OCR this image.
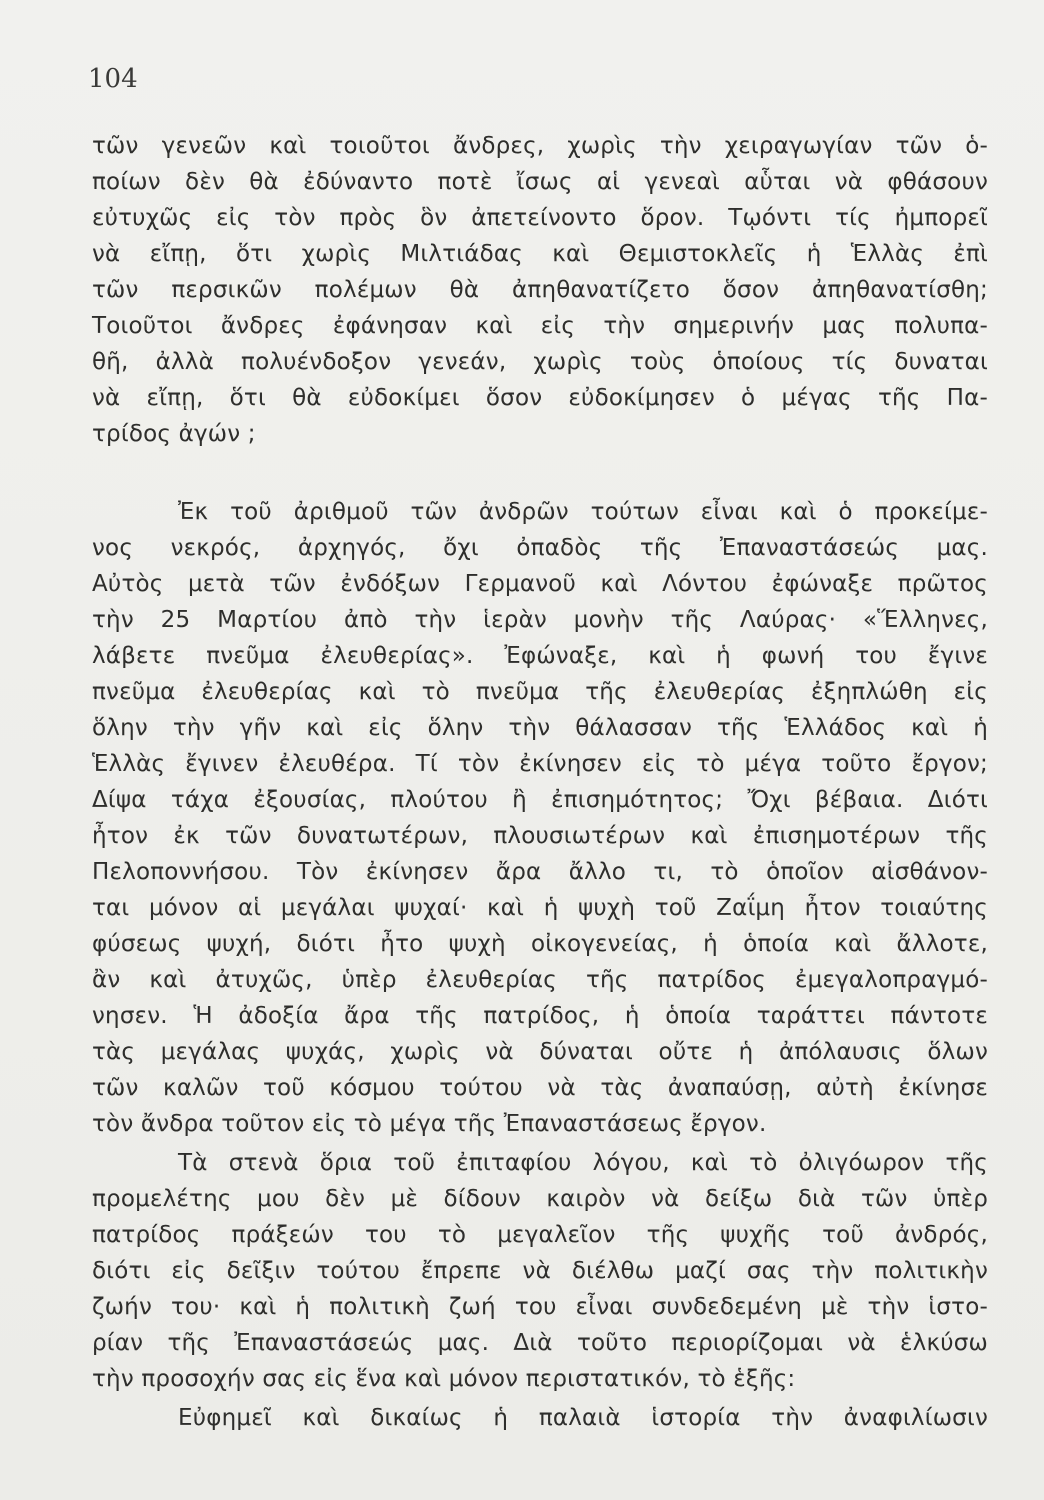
104
τῶν γενεῶν καὶ τοιοῦτοι ἄνδρες, χωρὶς τὴν χειραγωγίαν τῶν ὁ-
ποίων δὲν θὰ ἐδύναντο ποτὲ ἴσως αἱ γενεαὶ αὗται νὰ φθάσουν
εὐτυχῶς εἰς τὸν πρὸς ὃν ἀπετείνοντο ὅρον. Τῳόντι τίς ἠμπορεῖ
νὰ εἴπῃ, ὅτι χωρὶς Μιλτιάδας καὶ Θεμιστοκλεῖς ἡ Ἑλλὰς ἐπὶ
τῶν περσικῶν πολέμων θὰ ἀπηθανατίζετο ὅσον ἀπηθανατίσθη;
Τοιοῦτοι ἄνδρες ἐφάνησαν καὶ εἰς τὴν σημερινήν μας πολυπα-
θῆ, ἀλλὰ πολυένδοξον γενεάν, χωρὶς τοὺς ὁποίους τίς δυναται
νὰ εἴπῃ, ὅτι θὰ εὐδοκίμει ὅσον εὐδοκίμησεν ὁ μέγας τῆς Πα-
τρίδος ἀγών ;
Ἐκ τοῦ ἀριθμοῦ τῶν ἀνδρῶν τούτων εἶναι καὶ ὁ προκείμε-
νος νεκρός, ἀρχηγός, ὄχι ὀπαδὸς τῆς Ἐπαναστάσεώς μας.
Αὐτὸς μετὰ τῶν ἐνδόξων Γερμανοῦ καὶ Λόντου ἐφώναξε πρῶτος
τὴν 25 Μαρτίου ἀπὸ τὴν ἱερὰν μονὴν τῆς Λαύρας· «Ἕλληνες,
λάβετε πνεῦμα ἐλευθερίας». Ἐφώναξε, καὶ ἡ φωνή του ἔγινε
πνεῦμα ἐλευθερίας καὶ τὸ πνεῦμα τῆς ἐλευθερίας ἐξηπλώθη εἰς
ὅλην τὴν γῆν καὶ εἰς ὅλην τὴν θάλασσαν τῆς Ἑλλάδος καὶ ἡ
Ἑλλὰς ἔγινεν ἐλευθέρα. Τί τὸν ἐκίνησεν εἰς τὸ μέγα τοῦτο ἔργον;
Δίψα τάχα ἐξουσίας, πλούτου ἢ ἐπισημότητος; Ὄχι βέβαια. Διότι
ἦτον ἐκ τῶν δυνατωτέρων, πλουσιωτέρων καὶ ἐπισημοτέρων τῆς
Πελοποννήσου. Τὸν ἐκίνησεν ἄρα ἄλλο τι, τὸ ὁποῖον αἰσθάνον-
ται μόνον αἱ μεγάλαι ψυχαί· καὶ ἡ ψυχὴ τοῦ Ζαΐμη ἦτον τοιαύτης
φύσεως ψυχή, διότι ἦτο ψυχὴ οἰκογενείας, ἡ ὁποία καὶ ἄλλοτε,
ἂν καὶ ἀτυχῶς, ὑπὲρ ἐλευθερίας τῆς πατρίδος ἐμεγαλοπραγμό-
νησεν. Ἡ ἀδοξία ἄρα τῆς πατρίδος, ἡ ὁποία ταράττει πάντοτε
τὰς μεγάλας ψυχάς, χωρὶς νὰ δύναται οὔτε ἡ ἀπόλαυσις ὅλων
τῶν καλῶν τοῦ κόσμου τούτου νὰ τὰς ἀναπαύσῃ, αὐτὴ ἐκίνησε
τὸν ἄνδρα τοῦτον εἰς τὸ μέγα τῆς Ἐπαναστάσεως ἔργον.
Τὰ στενὰ ὅρια τοῦ ἐπιταφίου λόγου, καὶ τὸ ὀλιγόωρον τῆς
προμελέτης μου δὲν μὲ δίδουν καιρὸν νὰ δείξω διὰ τῶν ὑπὲρ
πατρίδος πράξεών του τὸ μεγαλεῖον τῆς ψυχῆς τοῦ ἀνδρός,
διότι εἰς δεῖξιν τούτου ἔπρεπε νὰ διέλθω μαζί σας τὴν πολιτικὴν
ζωήν του· καὶ ἡ πολιτικὴ ζωή του εἶναι συνδεδεμένη μὲ τὴν ἱστο-
ρίαν τῆς Ἐπαναστάσεώς μας. Διὰ τοῦτο περιορίζομαι νὰ ἑλκύσω
τὴν προσοχήν σας εἰς ἕνα καὶ μόνον περιστατικόν, τὸ ἑξῆς:
Εὐφημεῖ καὶ δικαίως ἡ παλαιὰ ἱστορία τὴν ἀναφιλίωσιν
